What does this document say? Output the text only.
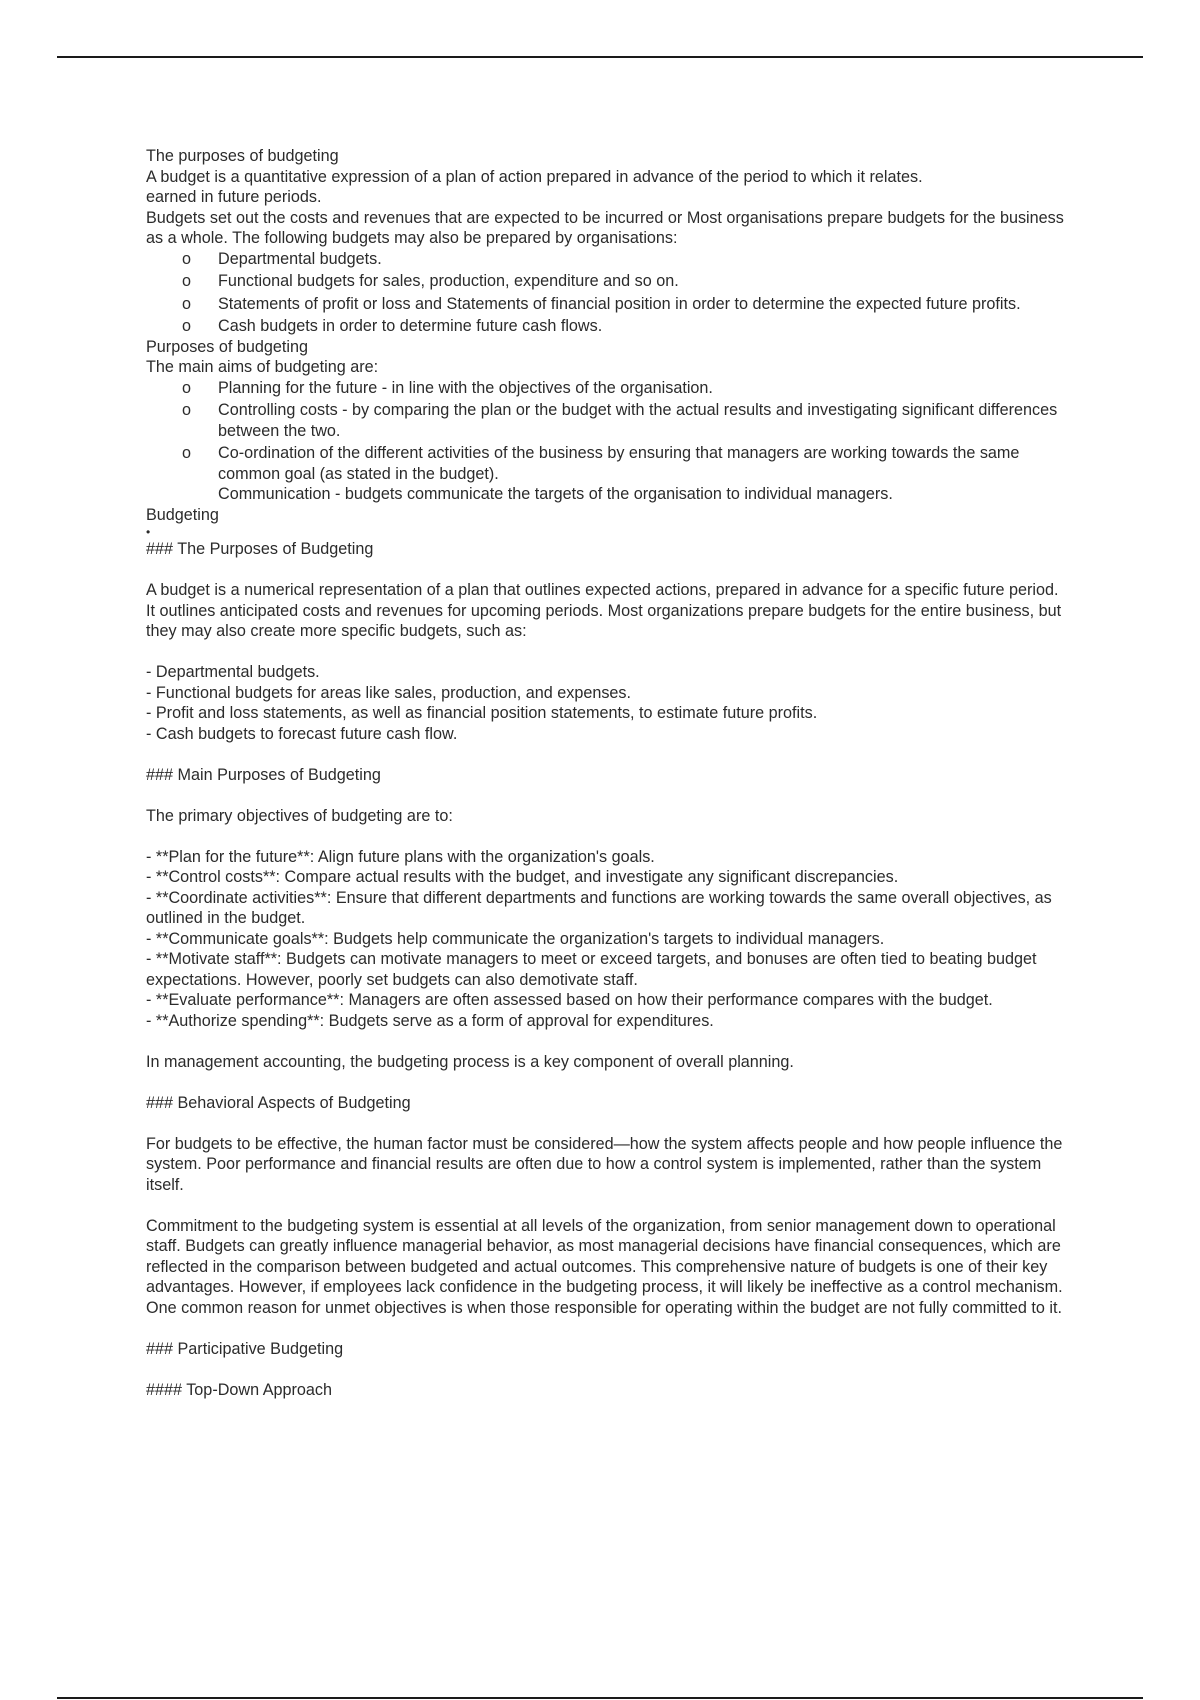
The purposes of budgeting

A budget is a quantitative expression of a plan of action prepared in advance of the period to which it relates.

earned in future periods.

Budgets set out the costs and revenues that are expected to be incurred or Most organisations prepare budgets for the business as a whole. The following budgets may also be prepared by organisations:

o Departmental budgets.
o Functional budgets for sales, production, expenditure and so on.
o Statements of profit or loss and Statements of financial position in order to determine the expected future profits.
o Cash budgets in order to determine future cash flows.

Purposes of budgeting

The main aims of budgeting are:

o Planning for the future - in line with the objectives of the organisation.
o Controlling costs - by comparing the plan or the budget with the actual results and investigating significant differences between the two.
o Co-ordination of the different activities of the business by ensuring that managers are working towards the same common goal (as stated in the budget).

Communication - budgets communicate the targets of the organisation to individual managers.

Budgeting

•

### The Purposes of Budgeting

A budget is a numerical representation of a plan that outlines expected actions, prepared in advance for a specific future period. It outlines anticipated costs and revenues for upcoming periods. Most organizations prepare budgets for the entire business, but they may also create more specific budgets, such as:

- Departmental budgets.

- Functional budgets for areas like sales, production, and expenses.

- Profit and loss statements, as well as financial position statements, to estimate future profits.

- Cash budgets to forecast future cash flow.

### Main Purposes of Budgeting

The primary objectives of budgeting are to:

- **Plan for the future**: Align future plans with the organization's goals.

- **Control costs**: Compare actual results with the budget, and investigate any significant discrepancies.

- **Coordinate activities**: Ensure that different departments and functions are working towards the same overall objectives, as outlined in the budget.

- **Communicate goals**: Budgets help communicate the organization's targets to individual managers.

- **Motivate staff**: Budgets can motivate managers to meet or exceed targets, and bonuses are often tied to beating budget expectations. However, poorly set budgets can also demotivate staff.

- **Evaluate performance**: Managers are often assessed based on how their performance compares with the budget.

- **Authorize spending**: Budgets serve as a form of approval for expenditures.

In management accounting, the budgeting process is a key component of overall planning.

### Behavioral Aspects of Budgeting

For budgets to be effective, the human factor must be considered—how the system affects people and how people influence the system. Poor performance and financial results are often due to how a control system is implemented, rather than the system itself.

Commitment to the budgeting system is essential at all levels of the organization, from senior management down to operational staff. Budgets can greatly influence managerial behavior, as most managerial decisions have financial consequences, which are reflected in the comparison between budgeted and actual outcomes. This comprehensive nature of budgets is one of their key advantages. However, if employees lack confidence in the budgeting process, it will likely be ineffective as a control mechanism. One common reason for unmet objectives is when those responsible for operating within the budget are not fully committed to it.

### Participative Budgeting

#### Top-Down Approach
